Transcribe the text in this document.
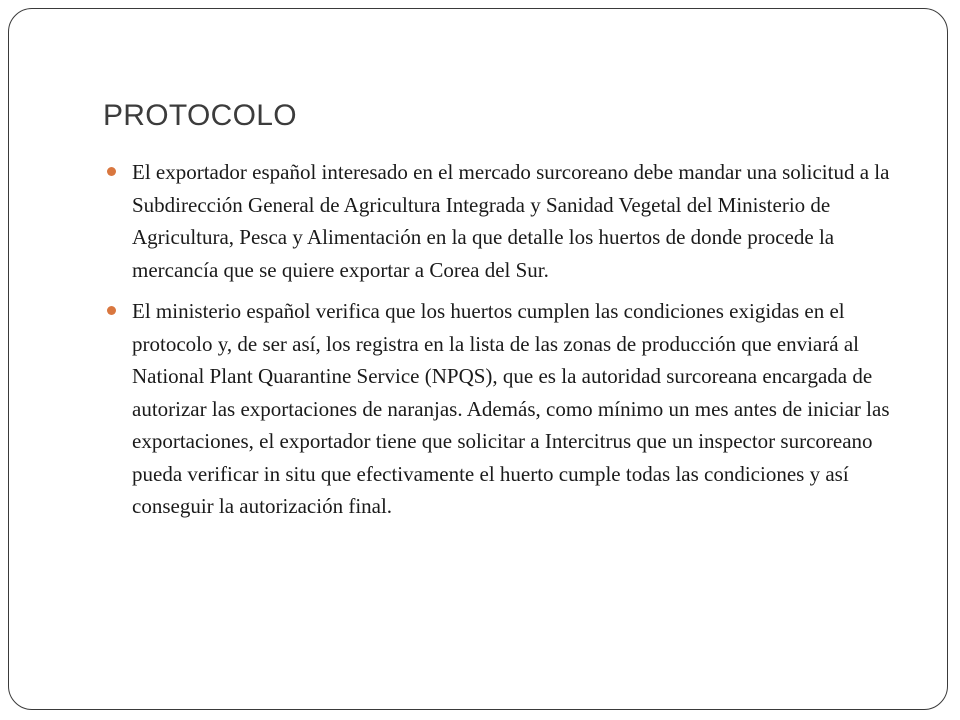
PROTOCOLO
El exportador español interesado en el mercado surcoreano debe mandar una solicitud a la Subdirección General de Agricultura Integrada y Sanidad Vegetal del Ministerio de Agricultura, Pesca y Alimentación en la que detalle los huertos de donde procede la mercancía que se quiere exportar a Corea del Sur.
El ministerio español verifica que los huertos cumplen las condiciones exigidas en el protocolo y, de ser así, los registra en la lista de las zonas de producción que enviará al National Plant Quarantine Service (NPQS), que es la autoridad surcoreana encargada de autorizar las exportaciones de naranjas. Además, como mínimo un mes antes de iniciar las exportaciones, el exportador tiene que solicitar a Intercitrus que un inspector surcoreano pueda verificar in situ que efectivamente el huerto cumple todas las condiciones y así conseguir la autorización final.
